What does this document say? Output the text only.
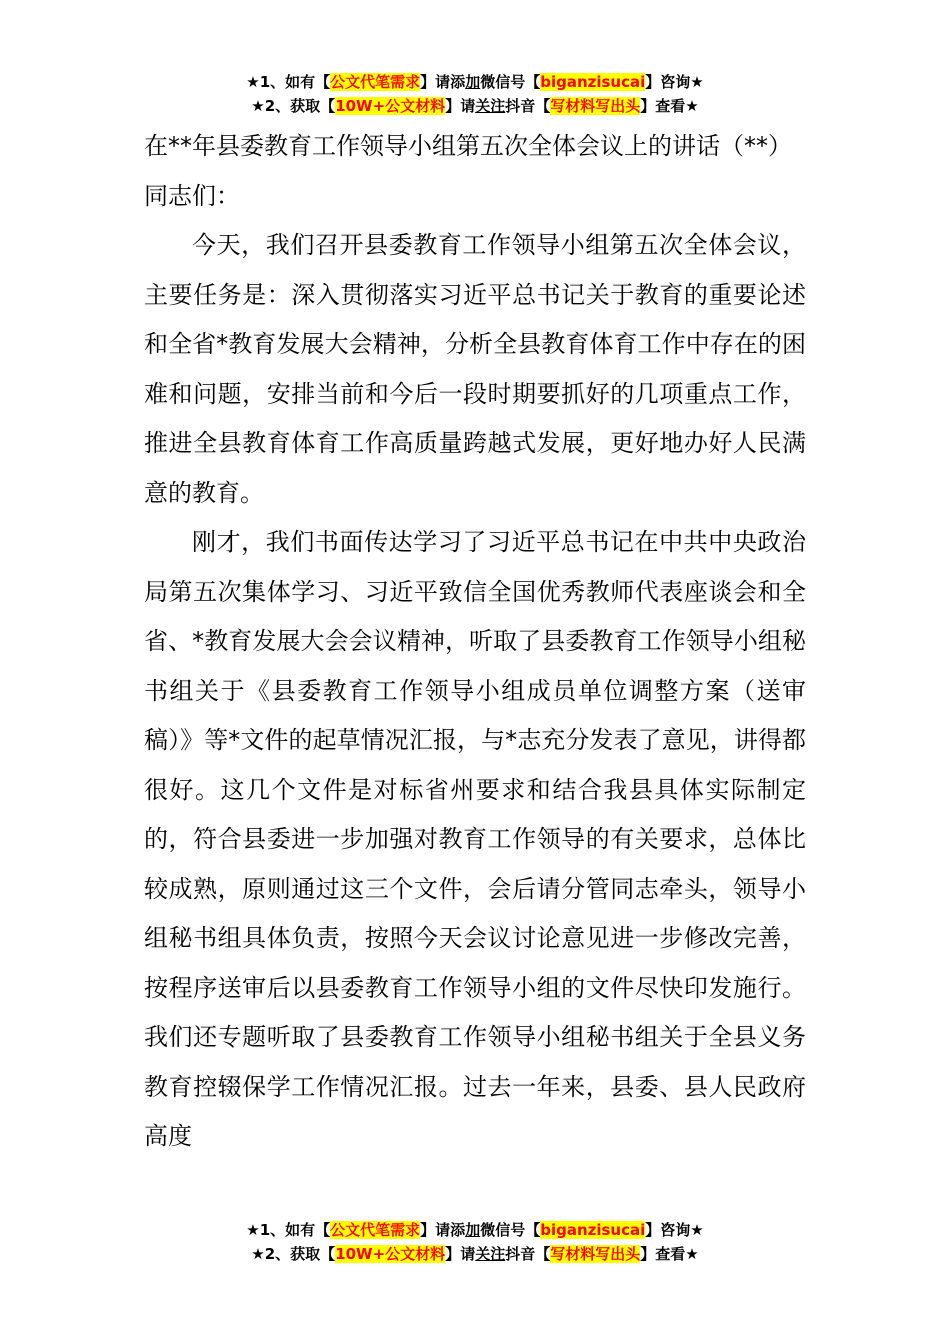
★1、如有【公文代笔需求】请添加微信号【biganzisucai】咨询★
★2、获取【10W+公文材料】请关注抖音【写材料写出头】查看★
在**年县委教育工作领导小组第五次全体会议上的讲话（**）
同志们：

今天，我们召开县委教育工作领导小组第五次全体会议，主要任务是：深入贯彻落实习近平总书记关于教育的重要论述和全省*教育发展大会精神，分析全县教育体育工作中存在的困难和问题，安排当前和今后一段时期要抓好的几项重点工作，推进全县教育体育工作高质量跨越式发展，更好地办好人民满意的教育。

刚才，我们书面传达学习了习近平总书记在中共中央政治局第五次集体学习、习近平致信全国优秀教师代表座谈会和全省、*教育发展大会会议精神，听取了县委教育工作领导小组秘书组关于《县委教育工作领导小组成员单位调整方案（送审稿）》等*文件的起草情况汇报，与*志充分发表了意见，讲得都很好。这几个文件是对标省州要求和结合我县具体实际制定的，符合县委进一步加强对教育工作领导的有关要求，总体比较成熟，原则通过这三个文件，会后请分管同志牵头，领导小组秘书组具体负责，按照今天会议讨论意见进一步修改完善，按程序送审后以县委教育工作领导小组的文件尽快印发施行。我们还专题听取了县委教育工作领导小组秘书组关于全县义务教育控辍保学工作情况汇报。过去一年来，县委、县人民政府高度

★1、如有【公文代笔需求】请添加微信号【biganzisucai】咨询★
★2、获取【10W+公文材料】请关注抖音【写材料写出头】查看★
